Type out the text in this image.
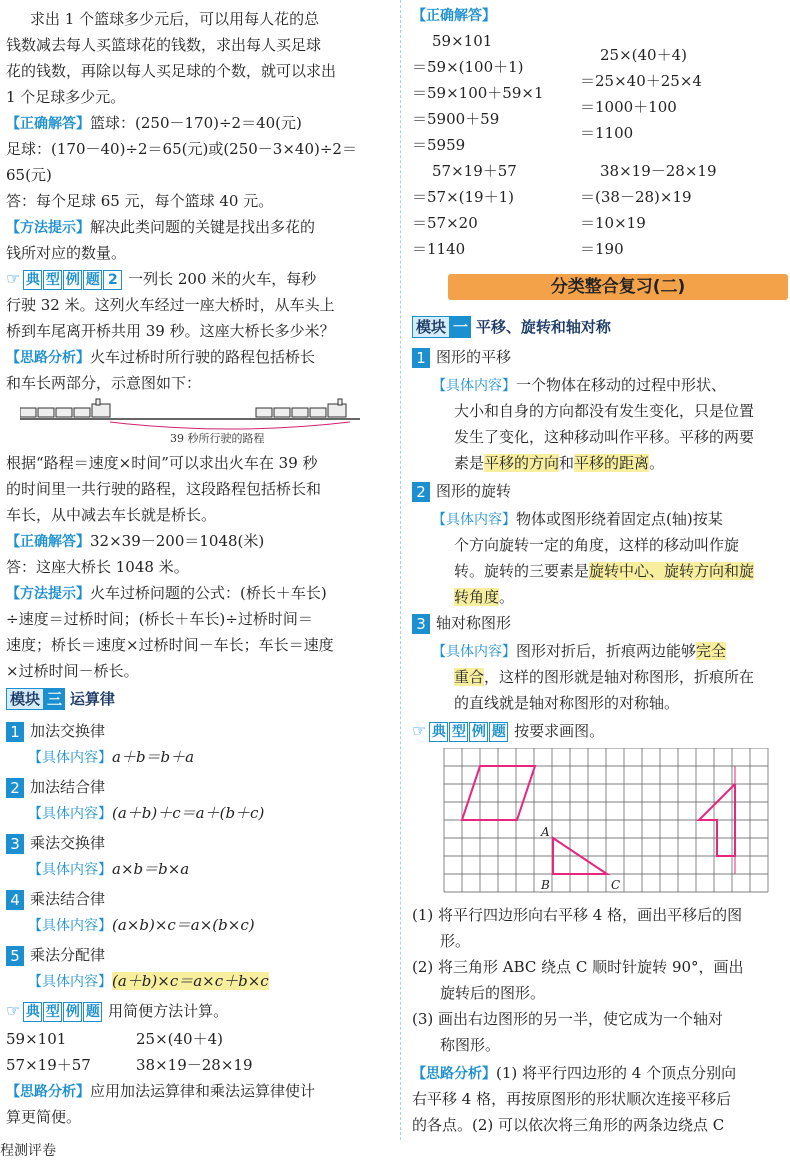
求出 1 个篮球多少元后，可以用每人花的总
钱数减去每人买篮球花的钱数，求出每人买足球
花的钱数，再除以每人买足球的个数，就可以求出
1 个足球多少元。
【正确解答】篮球：(250－170)÷2＝40(元)
足球：(170－40)÷2＝65(元)或(250－3×40)÷2＝
65(元)
答：每个足球 65 元，每个篮球 40 元。
【方法提示】解决此类问题的关键是找出多花的
钱所对应的数量。
☞ 典 型 例 题 2 一列长 200 米的火车，每秒
行驶 32 米。这列火车经过一座大桥时，从车头上
桥到车尾离开桥共用 39 秒。这座大桥长多少米？
【思路分析】火车过桥时所行驶的路程包括桥长
和车长两部分，示意图如下：
39 秒所行驶的路程
根据“路程＝速度×时间”可以求出火车在 39 秒
的时间里一共行驶的路程，这段路程包括桥长和
车长，从中减去车长就是桥长。
【正确解答】32×39－200＝1048(米)
答：这座大桥长 1048 米。
【方法提示】火车过桥问题的公式：(桥长＋车长)
÷速度＝过桥时间；(桥长＋车长)÷过桥时间＝
速度；桥长＝速度×过桥时间－车长；车长＝速度
×过桥时间－桥长。
模块 三 运算律
1 加法交换律
【具体内容】a＋b＝b＋a
2 加法结合律
【具体内容】(a＋b)＋c＝a＋(b＋c)
3 乘法交换律
【具体内容】a×b＝b×a
4 乘法结合律
【具体内容】(a×b)×c＝a×(b×c)
5 乘法分配律
【具体内容】(a＋b)×c＝a×c＋b×c
☞ 典 型 例 题 用简便方法计算。
59×101	25×(40＋4)
57×19＋57	38×19－28×19
【思路分析】应用加法运算律和乘法运算律使计
算更简便。
【正确解答】
59×101
＝59×(100＋1)
＝59×100＋59×1
＝5900＋59
＝5959
25×(40＋4)
＝25×40＋25×4
＝1000＋100
＝1100
57×19＋57
＝57×(19＋1)
＝57×20
＝1140
38×19－28×19
＝(38－28)×19
＝10×19
＝190
分类整合复习(二)
模块 一 平移、旋转和轴对称
1 图形的平移
【具体内容】一个物体在移动的过程中形状、
大小和自身的方向都没有发生变化，只是位置
发生了变化，这种移动叫作平移。平移的两要
素是平移的方向和平移的距离。
2 图形的旋转
【具体内容】物体或图形绕着固定点(轴)按某
个方向旋转一定的角度，这样的移动叫作旋
转。旋转的三要素是旋转中心、旋转方向和旋
转角度。
3 轴对称图形
【具体内容】图形对折后，折痕两边能够完全
重合，这样的图形就是轴对称图形，折痕所在
的直线就是轴对称图形的对称轴。
☞ 典 型 例 题 按要求画图。
A
B	C
(1) 将平行四边形向右平移 4 格，画出平移后的图
形。
(2) 将三角形 ABC 绕点 C 顺时针旋转 90°，画出
旋转后的图形。
(3) 画出右边图形的另一半，使它成为一个轴对
称图形。
【思路分析】(1) 将平行四边形的 4 个顶点分别向
右平移 4 格，再按原图形的形状顺次连接平移后
的各点。(2) 可以依次将三角形的两条边绕点 C
程测评卷
